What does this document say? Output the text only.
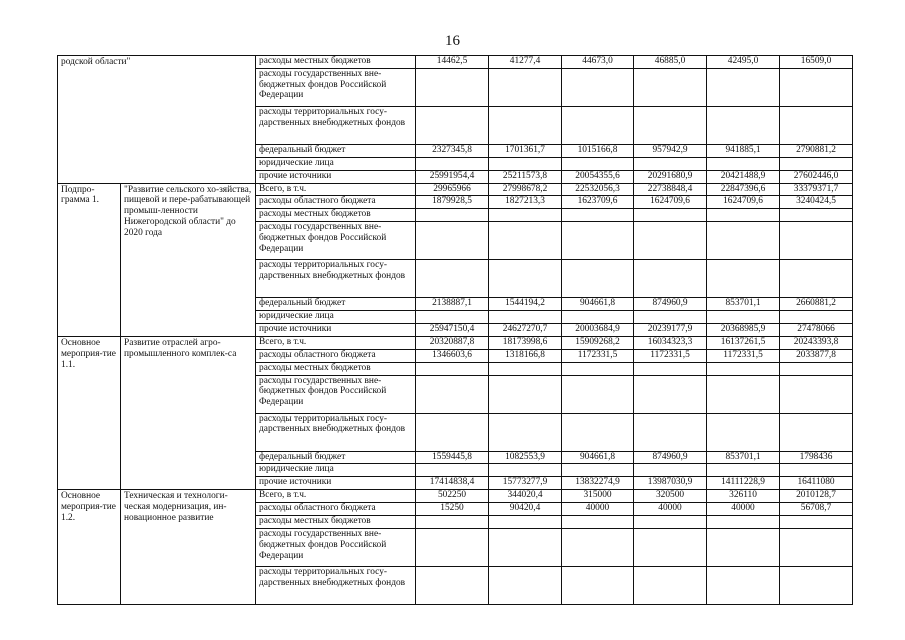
16
родской области"		расходы местных бюджетов	14462,5	41277,4	44673,0	46885,0	42495,0	16509,0
		расходы государственных вне-бюджетных фондов Российской Федерации						
		расходы территориальных госу-дарственных внебюджетных фондов						
		федеральный бюджет	2327345,8	1701361,7	1015166,8	957942,9	941885,1	2790881,2
		юридические лица						
		прочие источники	25991954,4	25211573,8	20054355,6	20291680,9	20421488,9	27602446,0
Подпро-грамма 1.	"Развитие сельского хо-зяйства, пищевой и пере-рабатывающей промыш-ленности Нижегородской области" до 2020 года	Всего, в т.ч.	29965966	27998678,2	22532056,3	22738848,4	22847396,6	33379371,7
		расходы областного бюджета	1879928,5	1827213,3	1623709,6	1624709,6	1624709,6	3240424,5
		расходы местных бюджетов						
		расходы государственных вне-бюджетных фондов Российской Федерации						
		расходы территориальных госу-дарственных внебюджетных фондов						
		федеральный бюджет	2138887,1	1544194,2	904661,8	874960,9	853701,1	2660881,2
		юридические лица						
		прочие источники	25947150,4	24627270,7	20003684,9	20239177,9	20368985,9	27478066
Основное мероприя-тие 1.1.	Развитие отраслей агро-промышленного комплек-са	Всего, в т.ч.	20320887,8	18173998,6	15909268,2	16034323,3	16137261,5	20243393,8
		расходы областного бюджета	1346603,6	1318166,8	1172331,5	1172331,5	1172331,5	2033877,8
		расходы местных бюджетов						
		расходы государственных вне-бюджетных фондов Российской Федерации						
		расходы территориальных госу-дарственных внебюджетных фондов						
		федеральный бюджет	1559445,8	1082553,9	904661,8	874960,9	853701,1	1798436
		юридические лица						
		прочие источники	17414838,4	15773277,9	13832274,9	13987030,9	14111228,9	16411080
Основное мероприя-тие 1.2.	Техническая и технологи-ческая модернизация, ин-новационное развитие	Всего, в т.ч.	502250	344020,4	315000	320500	326110	2010128,7
		расходы областного бюджета	15250	90420,4	40000	40000	40000	56708,7
		расходы местных бюджетов						
		расходы государственных вне-бюджетных фондов Российской Федерации						
		расходы территориальных госу-дарственных внебюджетных фондов						
